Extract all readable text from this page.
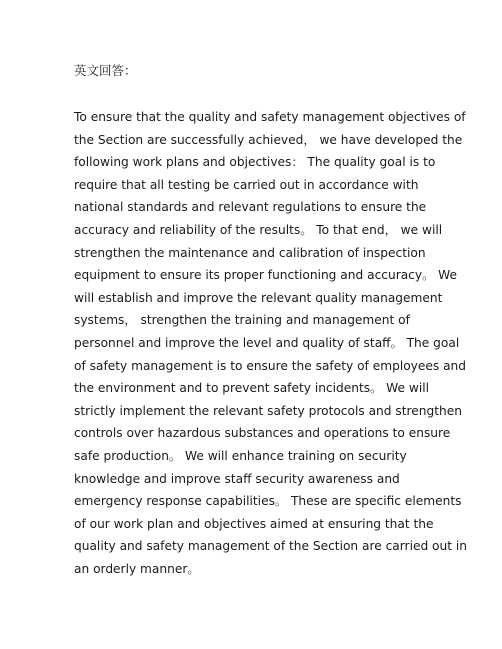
英文回答：
To ensure that the quality and safety management objectives of
the Section are successfully achieved， we have developed the
following work plans and objectives： The quality goal is to
require that all testing be carried out in accordance with
national standards and relevant regulations to ensure the
accuracy and reliability of the results。 To that end， we will
strengthen the maintenance and calibration of inspection
equipment to ensure its proper functioning and accuracy。 We
will establish and improve the relevant quality management
systems， strengthen the training and management of
personnel and improve the level and quality of staff。 The goal
of safety management is to ensure the safety of employees and
the environment and to prevent safety incidents。 We will
strictly implement the relevant safety protocols and strengthen
controls over hazardous substances and operations to ensure
safe production。 We will enhance training on security
knowledge and improve staff security awareness and
emergency response capabilities。 These are specific elements
of our work plan and objectives aimed at ensuring that the
quality and safety management of the Section are carried out in
an orderly manner。
